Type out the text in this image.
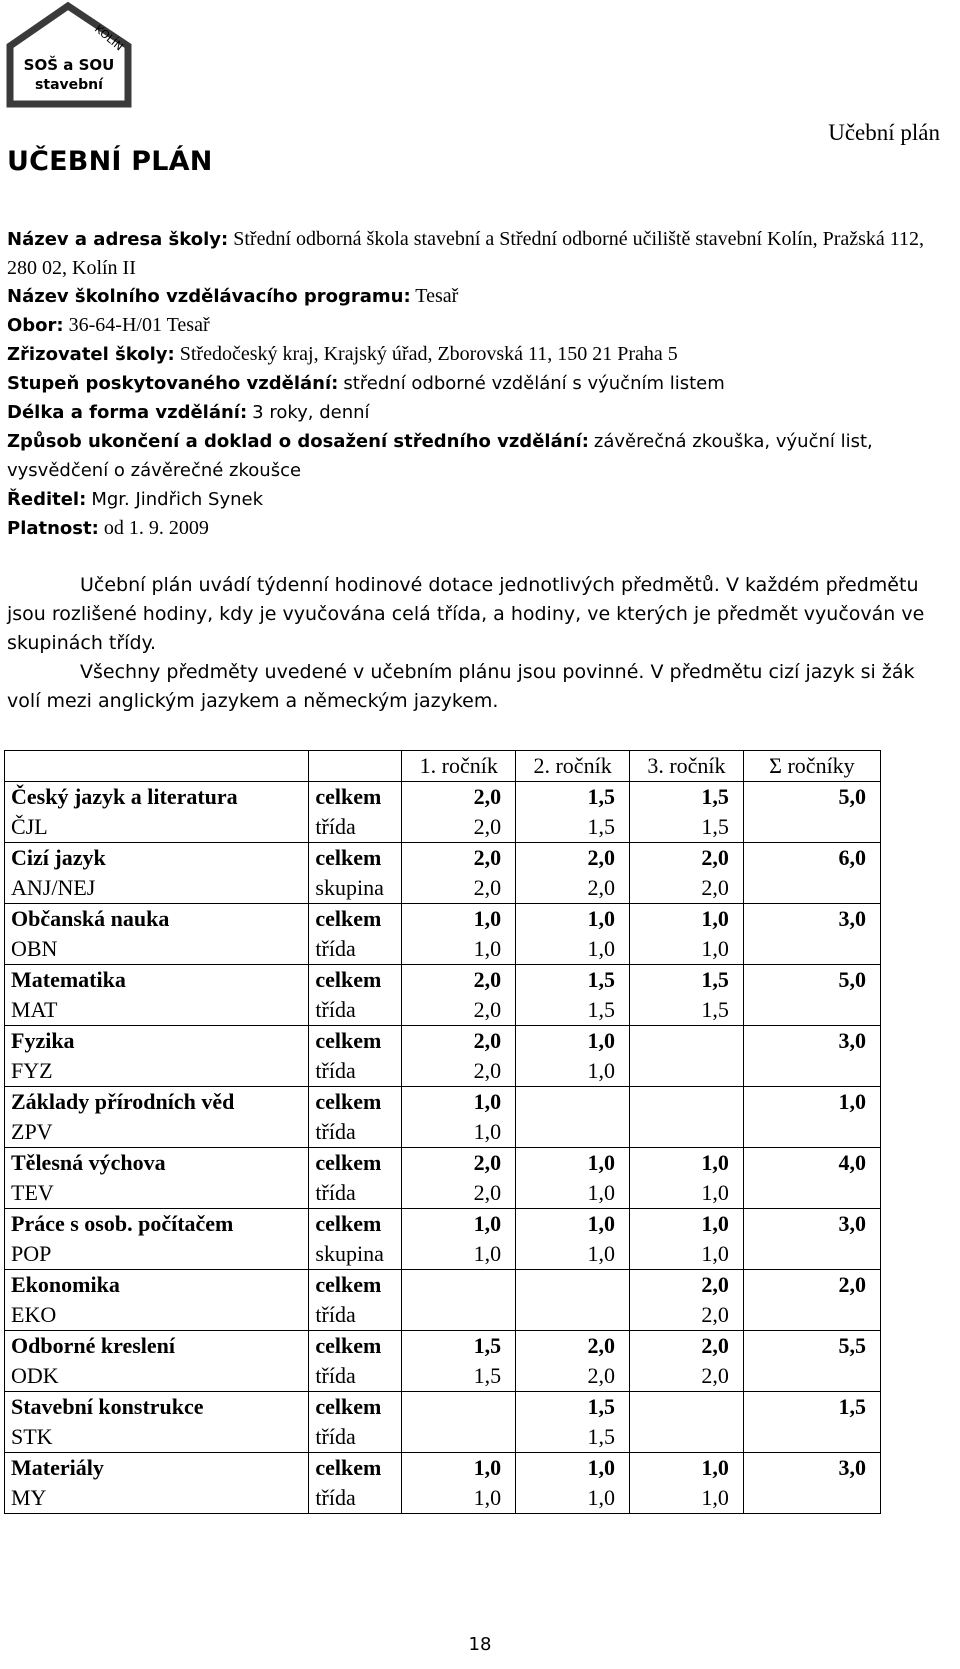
KOLÍN
SOŠ a SOU
stavební
Učební plán
UČEBNÍ PLÁN

Název a adresa školy: Střední odborná škola stavební a Střední odborné učiliště stavební Kolín, Pražská 112, 280 02, Kolín II

Název školního vzdělávacího programu: Tesař

Obor: 36-64-H/01 Tesař

Zřizovatel školy: Středočeský kraj, Krajský úřad, Zborovská 11, 150 21 Praha 5

Stupeň poskytovaného vzdělání: střední odborné vzdělání s výučním listem

Délka a forma vzdělání: 3 roky, denní

Způsob ukončení a doklad o dosažení středního vzdělání: závěrečná zkouška, výuční list, vysvědčení o závěrečné zkoušce

Ředitel: Mgr. Jindřich Synek

Platnost: od 1. 9. 2009

Učební plán uvádí týdenní hodinové dotace jednotlivých předmětů. V každém předmětu jsou rozlišené hodiny, kdy je vyučována celá třída, a hodiny, ve kterých je předmět vyučován ve skupinách třídy.

Všechny předměty uvedené v učebním plánu jsou povinné. V předmětu cizí jazyk si žák volí mezi anglickým jazykem a německým jazykem.

		1. ročník	2. ročník	3. ročník	Σ ročníky
Český jazyk a literatura	celkem	2,0	1,5	1,5	5,0
ČJL	třída	2,0	1,5	1,5	
Cizí jazyk	celkem	2,0	2,0	2,0	6,0
ANJ/NEJ	skupina	2,0	2,0	2,0	
Občanská nauka	celkem	1,0	1,0	1,0	3,0
OBN	třída	1,0	1,0	1,0	
Matematika	celkem	2,0	1,5	1,5	5,0
MAT	třída	2,0	1,5	1,5	
Fyzika	celkem	2,0	1,0		3,0
FYZ	třída	2,0	1,0		
Základy přírodních věd	celkem	1,0			1,0
ZPV	třída	1,0			
Tělesná výchova	celkem	2,0	1,0	1,0	4,0
TEV	třída	2,0	1,0	1,0	
Práce s osob. počítačem	celkem	1,0	1,0	1,0	3,0
POP	skupina	1,0	1,0	1,0	
Ekonomika	celkem			2,0	2,0
EKO	třída			2,0	
Odborné kreslení	celkem	1,5	2,0	2,0	5,5
ODK	třída	1,5	2,0	2,0	
Stavební konstrukce	celkem		1,5		1,5
STK	třída		1,5		
Materiály	celkem	1,0	1,0	1,0	3,0
MY	třída	1,0	1,0	1,0	
18
